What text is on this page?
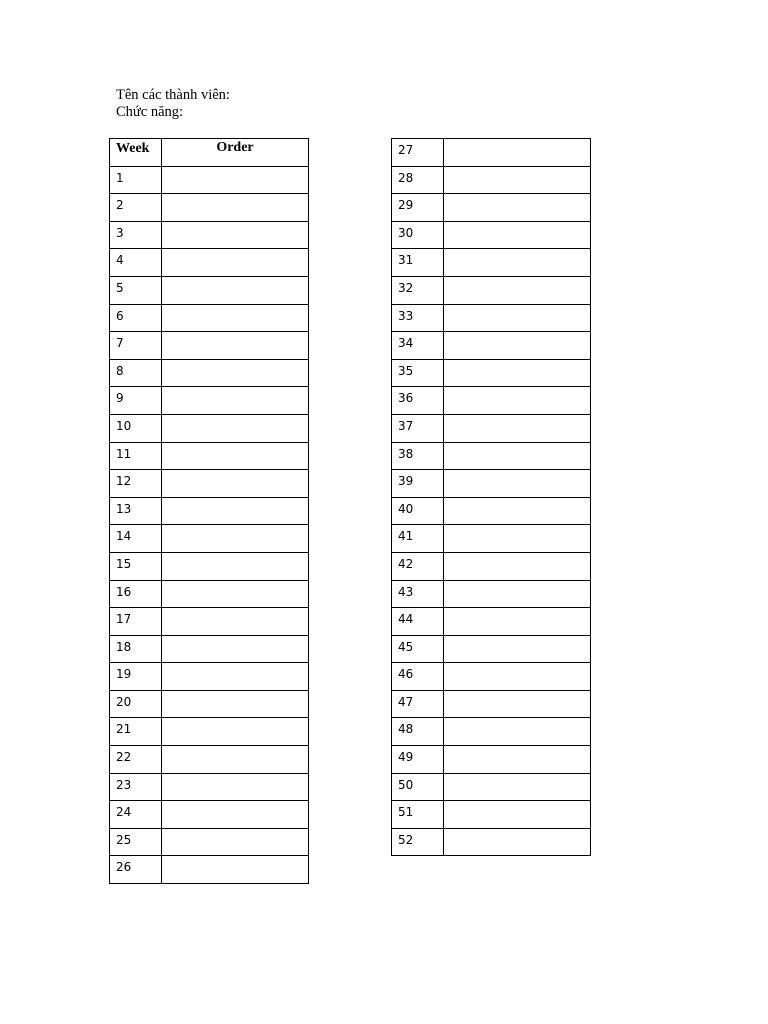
Tên các thành viên:
Chức năng:
Week	Order
1	
2	
3	
4	
5	
6	
7	
8	
9	
10	
11	
12	
13	
14	
15	
16	
17	
18	
19	
20	
21	
22	
23	
24	
25	
26	
27	
28	
29	
30	
31	
32	
33	
34	
35	
36	
37	
38	
39	
40	
41	
42	
43	
44	
45	
46	
47	
48	
49	
50	
51	
52	
